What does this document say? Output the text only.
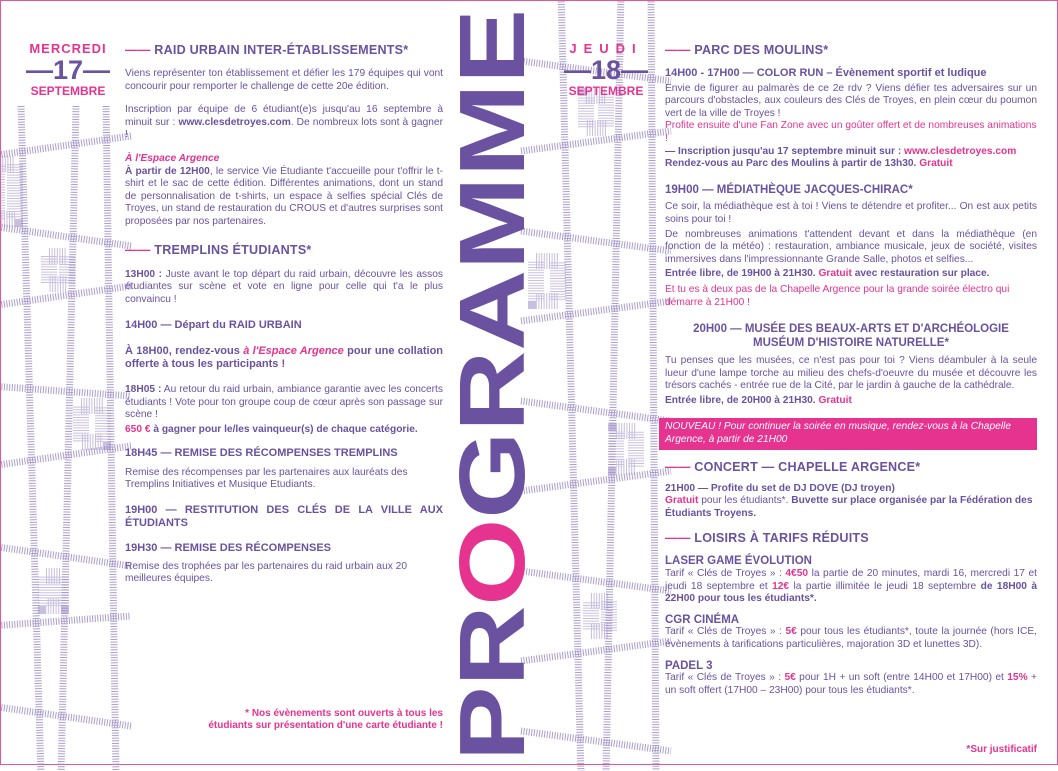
MERCREDI
—17—
SEPTEMBRE
—— RAID URBAIN INTER-ÉTABLISSEMENTS*

Viens représenter ton établissement et défier les 179 équipes qui vont concourir pour remporter le challenge de cette 20e édition.

Inscription par équipe de 6 étudiant(e)s jusqu'au 16 septembre à minuit sur : www.clesdetroyes.com. De nombreux lots sont à gagner !

À l'Espace Argence

À partir de 12H00, le service Vie Étudiante t'accueille pour t'offrir le t-shirt et le sac de cette édition. Différentes animations, dont un stand de personnalisation de t-shirts, un espace à selfies spécial Clés de Troyes, un stand de restauration du CROUS et d'autres surprises sont proposées par nos partenaires.

—— TREMPLINS ÉTUDIANTS*

13H00 : Juste avant le top départ du raid urbain, découvre les assos étudiantes sur scène et vote en ligne pour celle qui t'a le plus convaincu !

14H00 — Départ du RAID URBAIN

À 18H00, rendez-vous à l'Espace Argence pour une collation offerte à tous les participants !

18H05 : Au retour du raid urbain, ambiance garantie avec les concerts étudiants ! Vote pour ton groupe coup de cœur après son passage sur scène !

650 € à gagner pour le/les vainqueur(s) de chaque catégorie.

18H45 — REMISE DES RÉCOMPENSES TREMPLINS

Remise des récompenses par les partenaires aux lauréats des Tremplins Initiatives et Musique Etudiants.

19H00 — RESTITUTION DES CLÉS DE LA VILLE AUX ÉTUDIANTS

19H30 — REMISE DES RÉCOMPENSES

Remise des trophées par les partenaires du raid urbain aux 20 meilleures équipes.

* Nos évènements sont ouverts à tous les
étudiants sur présentation d'une carte étudiante !
PROGRAMME
JEUDI
—18—
SEPTEMBRE
—— PARC DES MOULINS*

14H00 - 17H00 — COLOR RUN – Évènement sportif et ludique

Envie de figurer au palmarès de ce 2e rdv ? Viens défier tes adversaires sur un parcours d'obstacles, aux couleurs des Clés de Troyes, en plein cœur du poumon vert de la ville de Troyes !

Profite ensuite d'une Fan Zone avec un goûter offert et de nombreuses animations !

— Inscription jusqu'au 17 septembre minuit sur : www.clesdetroyes.com

Rendez-vous au Parc des Moulins à partir de 13h30. Gratuit

19H00 — MÉDIATHÈQUE JACQUES-CHIRAC*

Ce soir, la médiathèque est à toi ! Viens te détendre et profiter... On est aux petits soins pour toi !

De nombreuses animations t'attendent devant et dans la médiathèque (en fonction de la météo) : restauration, ambiance musicale, jeux de société, visites immersives dans l'impressionnante Grande Salle, photos et selfies...

Entrée libre, de 19H00 à 21H30. Gratuit avec restauration sur place.

Et tu es à deux pas de la Chapelle Argence pour la grande soirée électro qui démarre à 21H00 !

20H00 — MUSÉE DES BEAUX-ARTS ET D'ARCHÉOLOGIE
MUSÉUM D'HISTOIRE NATURELLE*

Tu penses que les musées, ce n'est pas pour toi ? Viens déambuler à la seule lueur d'une lampe torche au milieu des chefs-d'oeuvre du musée et découvre les trésors cachés - entrée rue de la Cité, par le jardin à gauche de la cathédrale.

Entrée libre, de 20H00 à 21H30. Gratuit

NOUVEAU ! Pour continuer la soirée en musique, rendez-vous à la Chapelle Argence, à partir de 21H00
—— CONCERT — CHAPELLE ARGENCE*

21H00 — Profite du set de DJ DOVE (DJ troyen)

Gratuit pour les étudiants*. Buvette sur place organisée par la Fédération des Étudiants Troyens.

—— LOISIRS À TARIFS RÉDUITS

LASER GAME ÉVOLUTION

Tarif « Clés de Troyes » : 4€50 la partie de 20 minutes, mardi 16, mercredi 17 et jeudi 18 septembre et 12€ la partie illimitée le jeudi 18 septembre de 18H00 à 22H00 pour tous les étudiants*.

CGR CINÉMA

Tarif « Clés de Troyes » : 5€ pour tous les étudiants*, toute la journée (hors ICE, évènements à tarifications particulières, majoration 3D et lunettes 3D).

PADEL 3

Tarif « Clés de Troyes » : 5€ pour 1H + un soft (entre 14H00 et 17H00) et 15% + un soft offert (17H00 – 23H00) pour tous les étudiants*.

*Sur justificatif
